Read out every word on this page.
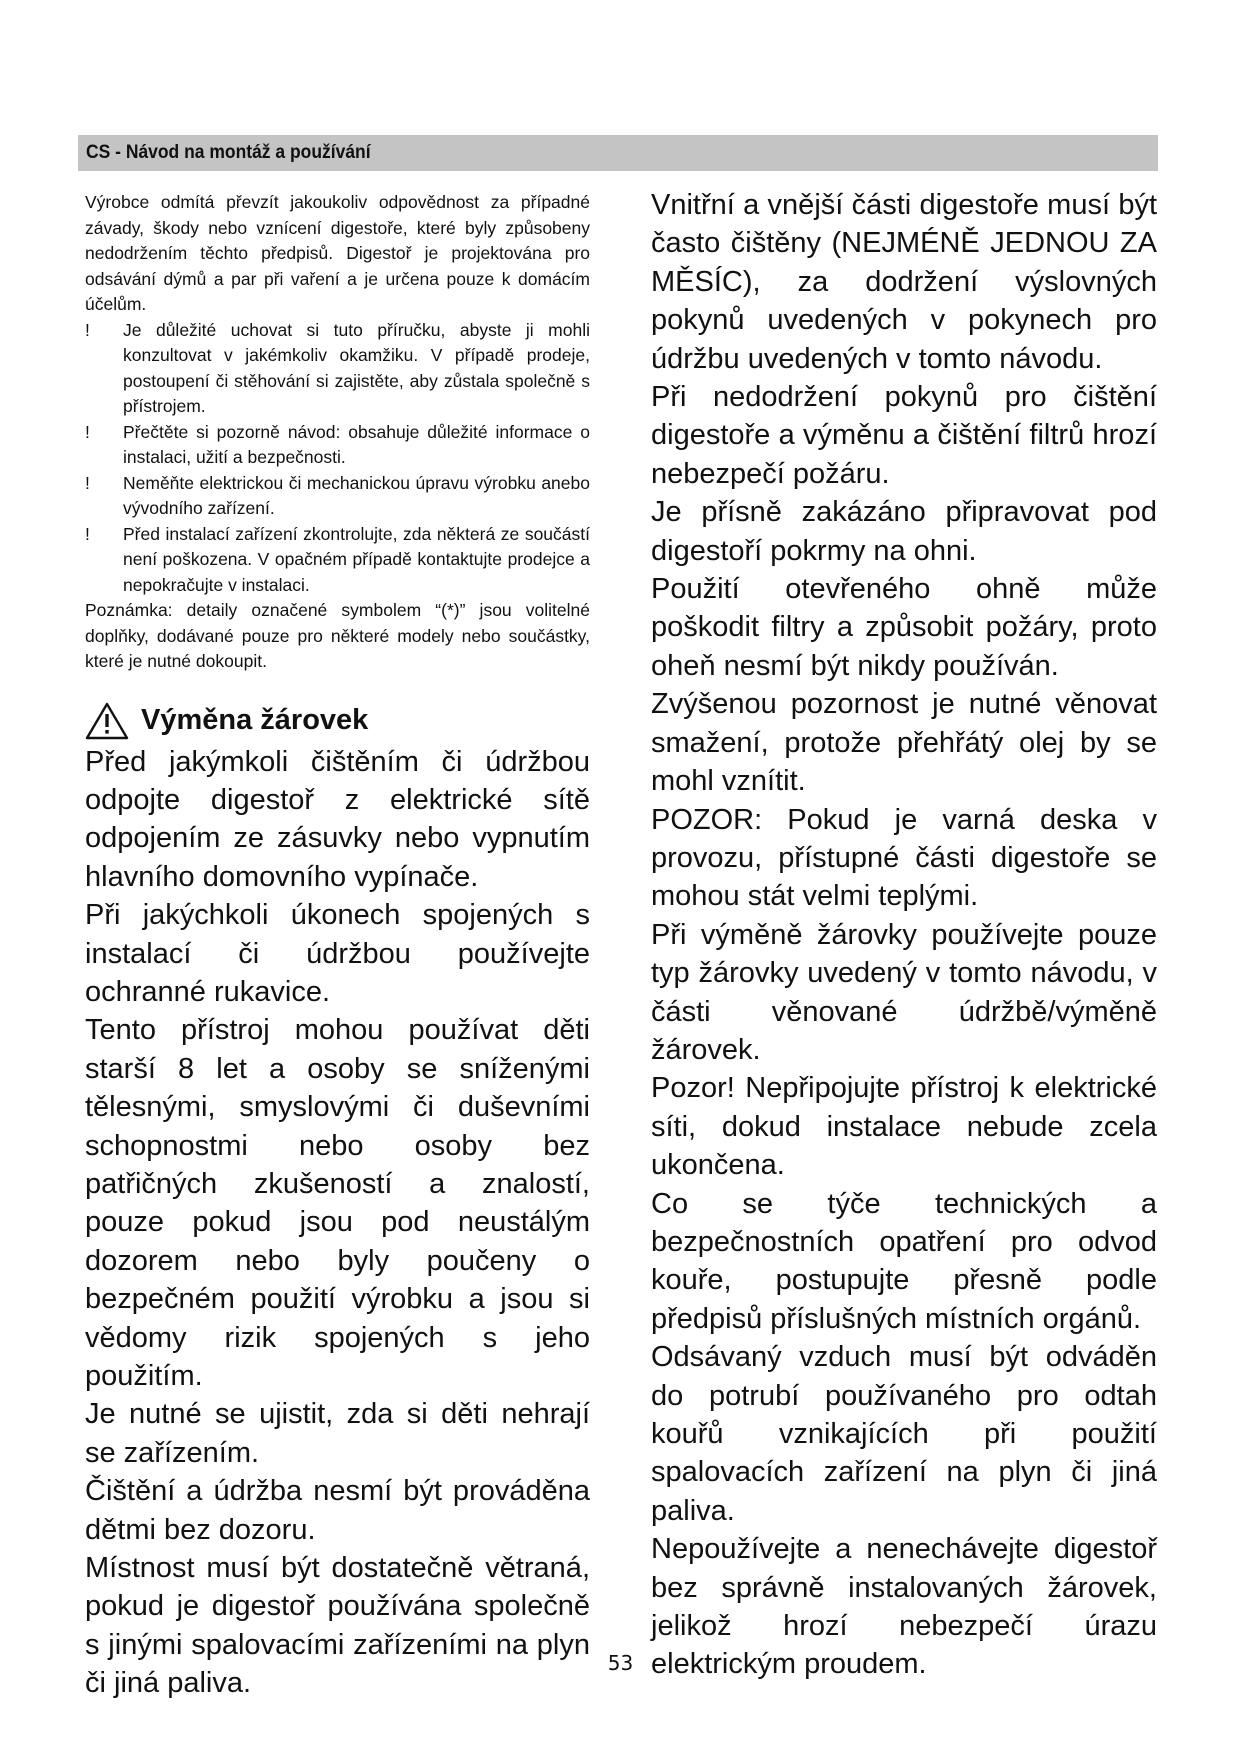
CS - Návod na montáž a používání

Výrobce odmítá převzít jakoukoliv odpovědnost za případné závady, škody nebo vznícení digestoře, které byly způsobeny nedodržením těchto předpisů. Digestoř je projektována pro odsávání dýmů a par při vaření a je určena pouze k domácím účelům.

!	Je důležité uchovat si tuto příručku, abyste ji mohli konzultovat v jakémkoliv okamžiku. V případě prodeje, postoupení či stěhování si zajistěte, aby zůstala společně s přístrojem.
!	Přečtěte si pozorně návod: obsahuje důležité informace o instalaci, užití a bezpečnosti.
!	Neměňte elektrickou či mechanickou úpravu výrobku anebo vývodního zařízení.
!	Před instalací zařízení zkontrolujte, zda některá ze součástí není poškozena. V opačném případě kontaktujte prodejce a nepokračujte v instalaci.

Poznámka: detaily označené symbolem “(*)” jsou volitelné doplňky, dodávané pouze pro některé modely nebo součástky, které je nutné dokoupit.

Výměna žárovek

Před jakýmkoli čištěním či údržbou odpojte digestoř z elektrické sítě odpojením ze zásuvky nebo vypnutím hlavního domovního vypínače.

Při jakýchkoli úkonech spojených s instalací či údržbou používejte ochranné rukavice.

Tento přístroj mohou používat děti starší 8 let a osoby se sníženými tělesnými, smyslovými či duševními schopnostmi nebo osoby bez patřičných zkušeností a znalostí, pouze pokud jsou pod neustálým dozorem nebo byly poučeny o bezpečném použití výrobku a jsou si vědomy rizik spojených s jeho použitím.

Je nutné se ujistit, zda si děti nehrají se zařízením.

Čištění a údržba nesmí být prováděna dětmi bez dozoru.

Místnost musí být dostatečně větraná, pokud je digestoř používána společně s jinými spalovacími zařízeními na plyn či jiná paliva.

Vnitřní a vnější části digestoře musí být často čištěny (NEJMÉNĚ JEDNOU ZA MĚSÍC), za dodržení výslovných pokynů uvedených v pokynech pro údržbu uvedených v tomto návodu.

Při nedodržení pokynů pro čištění digestoře a výměnu a čištění filtrů hrozí nebezpečí požáru.

Je přísně zakázáno připravovat pod digestoří pokrmy na ohni.

Použití otevřeného ohně může poškodit filtry a způsobit požáry, proto oheň nesmí být nikdy používán.

Zvýšenou pozornost je nutné věnovat smažení, protože přehřátý olej by se mohl vznítit.

POZOR: Pokud je varná deska v provozu, přístupné části digestoře se mohou stát velmi teplými.

Při výměně žárovky používejte pouze typ žárovky uvedený v tomto návodu, v části věnované údržbě/výměně žárovek.

Pozor! Nepřipojujte přístroj k elektrické síti, dokud instalace nebude zcela ukončena.

Co se týče technických a bezpečnostních opatření pro odvod kouře, postupujte přesně podle předpisů příslušných místních orgánů.

Odsávaný vzduch musí být odváděn do potrubí používaného pro odtah kouřů vznikajících při použití spalovacích zařízení na plyn či jiná paliva.

Nepoužívejte a nenechávejte digestoř bez správně instalovaných žárovek, jelikož hrozí nebezpečí úrazu elektrickým proudem.

53
